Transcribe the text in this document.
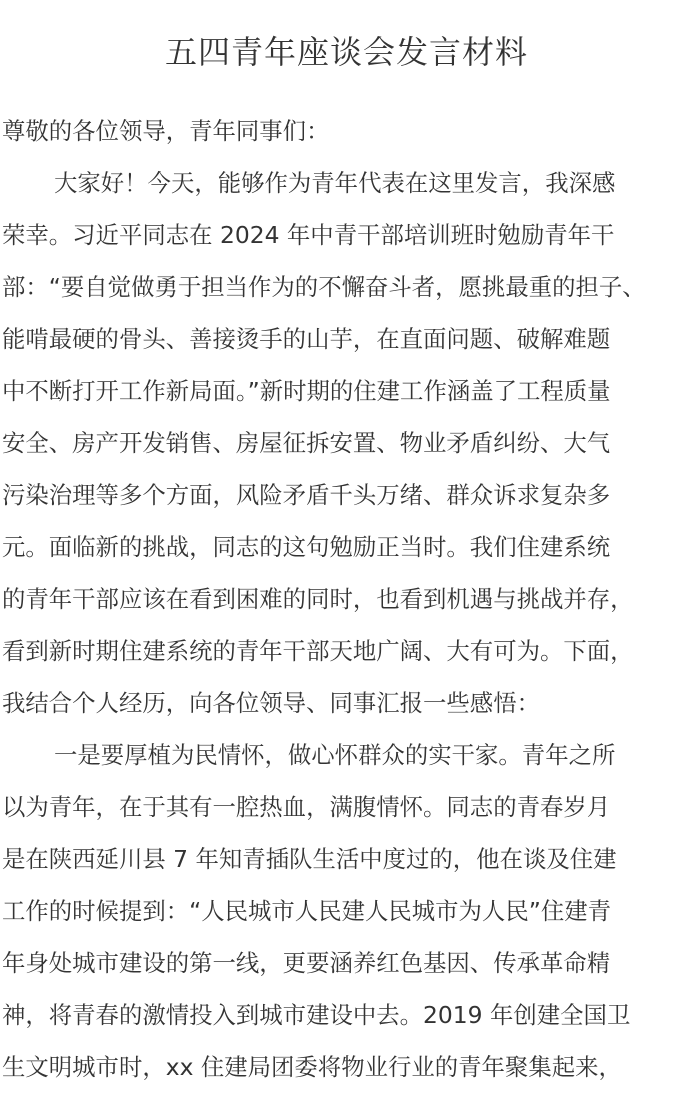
五四青年座谈会发言材料

尊敬的各位领导，青年同事们：

大家好！今天，能够作为青年代表在这里发言，我深感

荣幸。习近平同志在 2024 年中青干部培训班时勉励青年干

部：“要自觉做勇于担当作为的不懈奋斗者，愿挑最重的担子、

能啃最硬的骨头、善接烫手的山芋，在直面问题、破解难题

中不断打开工作新局面。”新时期的住建工作涵盖了工程质量

安全、房产开发销售、房屋征拆安置、物业矛盾纠纷、大气

污染治理等多个方面，风险矛盾千头万绪、群众诉求复杂多

元。面临新的挑战，同志的这句勉励正当时。我们住建系统

的青年干部应该在看到困难的同时，也看到机遇与挑战并存，

看到新时期住建系统的青年干部天地广阔、大有可为。下面，

我结合个人经历，向各位领导、同事汇报一些感悟：

一是要厚植为民情怀，做心怀群众的实干家。青年之所

以为青年，在于其有一腔热血，满腹情怀。同志的青春岁月

是在陕西延川县 7 年知青插队生活中度过的，他在谈及住建

工作的时候提到：“人民城市人民建人民城市为人民”住建青

年身处城市建设的第一线，更要涵养红色基因、传承革命精

神，将青春的激情投入到城市建设中去。2019 年创建全国卫

生文明城市时，xx 住建局团委将物业行业的青年聚集起来，
